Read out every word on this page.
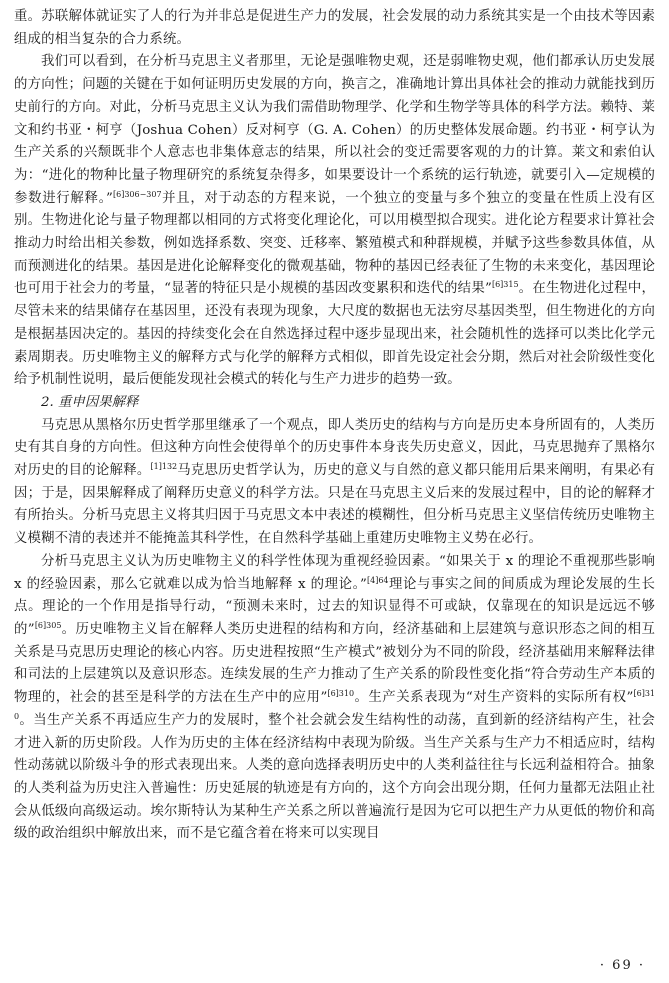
重。苏联解体就证实了人的行为并非总是促进生产力的发展，社会发展的动力系统其实是一个由技术等因素组成的相当复杂的合力系统。

我们可以看到，在分析马克思主义者那里，无论是强唯物史观，还是弱唯物史观，他们都承认历史发展的方向性；问题的关键在于如何证明历史发展的方向，换言之，准确地计算出具体社会的推动力就能找到历史前行的方向。对此，分析马克思主义认为我们需借助物理学、化学和生物学等具体的科学方法。赖特、莱文和约书亚・柯亨（Joshua Cohen）反对柯亨（G. A. Cohen）的历史整体发展命题。约书亚・柯亨认为生产关系的兴颓既非个人意志也非集体意志的结果，所以社会的变迁需要客观的力的计算。莱文和索伯认为：“进化的物种比量子物理研究的系统复杂得多，如果要设计一个系统的运行轨迹，就要引入—定规模的参数进行解释。”$^{[6]306-307}$并且，对于动态的方程来说，一个独立的变量与多个独立的变量在性质上没有区别。生物进化论与量子物理都以相同的方式将变化理论化，可以用模型拟合现实。进化论方程要求计算社会推动力时给出相关参数，例如选择系数、突变、迁移率、繁殖模式和种群规模，并赋予这些参数具体值，从而预测进化的结果。基因是进化论解释变化的微观基础，物种的基因已经表征了生物的未来变化，基因理论也可用于社会力的考量，“显著的特征只是小规模的基因改变累积和迭代的结果”$^{[6]315}$。在生物进化过程中，尽管未来的结果储存在基因里，还没有表现为现象，大尺度的数据也无法穷尽基因类型，但生物进化的方向是根据基因决定的。基因的持续变化会在自然选择过程中逐步显现出来，社会随机性的选择可以类比化学元素周期表。历史唯物主义的解释方式与化学的解释方式相似，即首先设定社会分期，然后对社会阶级性变化给予机制性说明，最后便能发现社会模式的转化与生产力进步的趋势一致。

2. 重申因果解释

马克思从黑格尔历史哲学那里继承了一个观点，即人类历史的结构与方向是历史本身所固有的，人类历史有其自身的方向性。但这种方向性会使得单个的历史事件本身丧失历史意义，因此，马克思抛弃了黑格尔对历史的目的论解释。$^{[1]132}$马克思历史哲学认为，历史的意义与自然的意义都只能用后果来阐明，有果必有因；于是，因果解释成了阐释历史意义的科学方法。只是在马克思主义后来的发展过程中，目的论的解释才有所抬头。分析马克思主义将其归因于马克思文本中表述的模糊性，但分析马克思主义坚信传统历史唯物主义模糊不清的表述并不能掩盖其科学性，在自然科学基础上重建历史唯物主义势在必行。

分析马克思主义认为历史唯物主义的科学性体现为重视经验因素。“如果关于 x 的理论不重视那些影响 x 的经验因素，那么它就难以成为恰当地解释 x 的理论。”$^{[4]64}$理论与事实之间的间质成为理论发展的生长点。理论的一个作用是指导行动，“预测未来时，过去的知识显得不可或缺，仅靠现在的知识是远远不够的”$^{[6]305}$。历史唯物主义旨在解释人类历史进程的结构和方向，经济基础和上层建筑与意识形态之间的相互关系是马克思历史理论的核心内容。历史进程按照“生产模式”被划分为不同的阶段，经济基础用来解释法律和司法的上层建筑以及意识形态。连续发展的生产力推动了生产关系的阶段性变化指“符合劳动生产本质的物理的，社会的甚至是科学的方法在生产中的应用”$^{[6]310}$。生产关系表现为“对生产资料的实际所有权”$^{[6]310}$。当生产关系不再适应生产力的发展时，整个社会就会发生结构性的动荡，直到新的经济结构产生，社会才进入新的历史阶段。人作为历史的主体在经济结构中表现为阶级。当生产关系与生产力不相适应时，结构性动荡就以阶级斗争的形式表现出来。人类的意向选择表明历史中的人类利益往往与长远利益相符合。抽象的人类利益为历史注入普遍性：历史延展的轨迹是有方向的，这个方向会出现分期，任何力量都无法阻止社会从低级向高级运动。埃尔斯特认为某种生产关系之所以普遍流行是因为它可以把生产力从更低的物价和高级的政治组织中解放出来，而不是它蕴含着在将来可以实现目

· 69 ·
